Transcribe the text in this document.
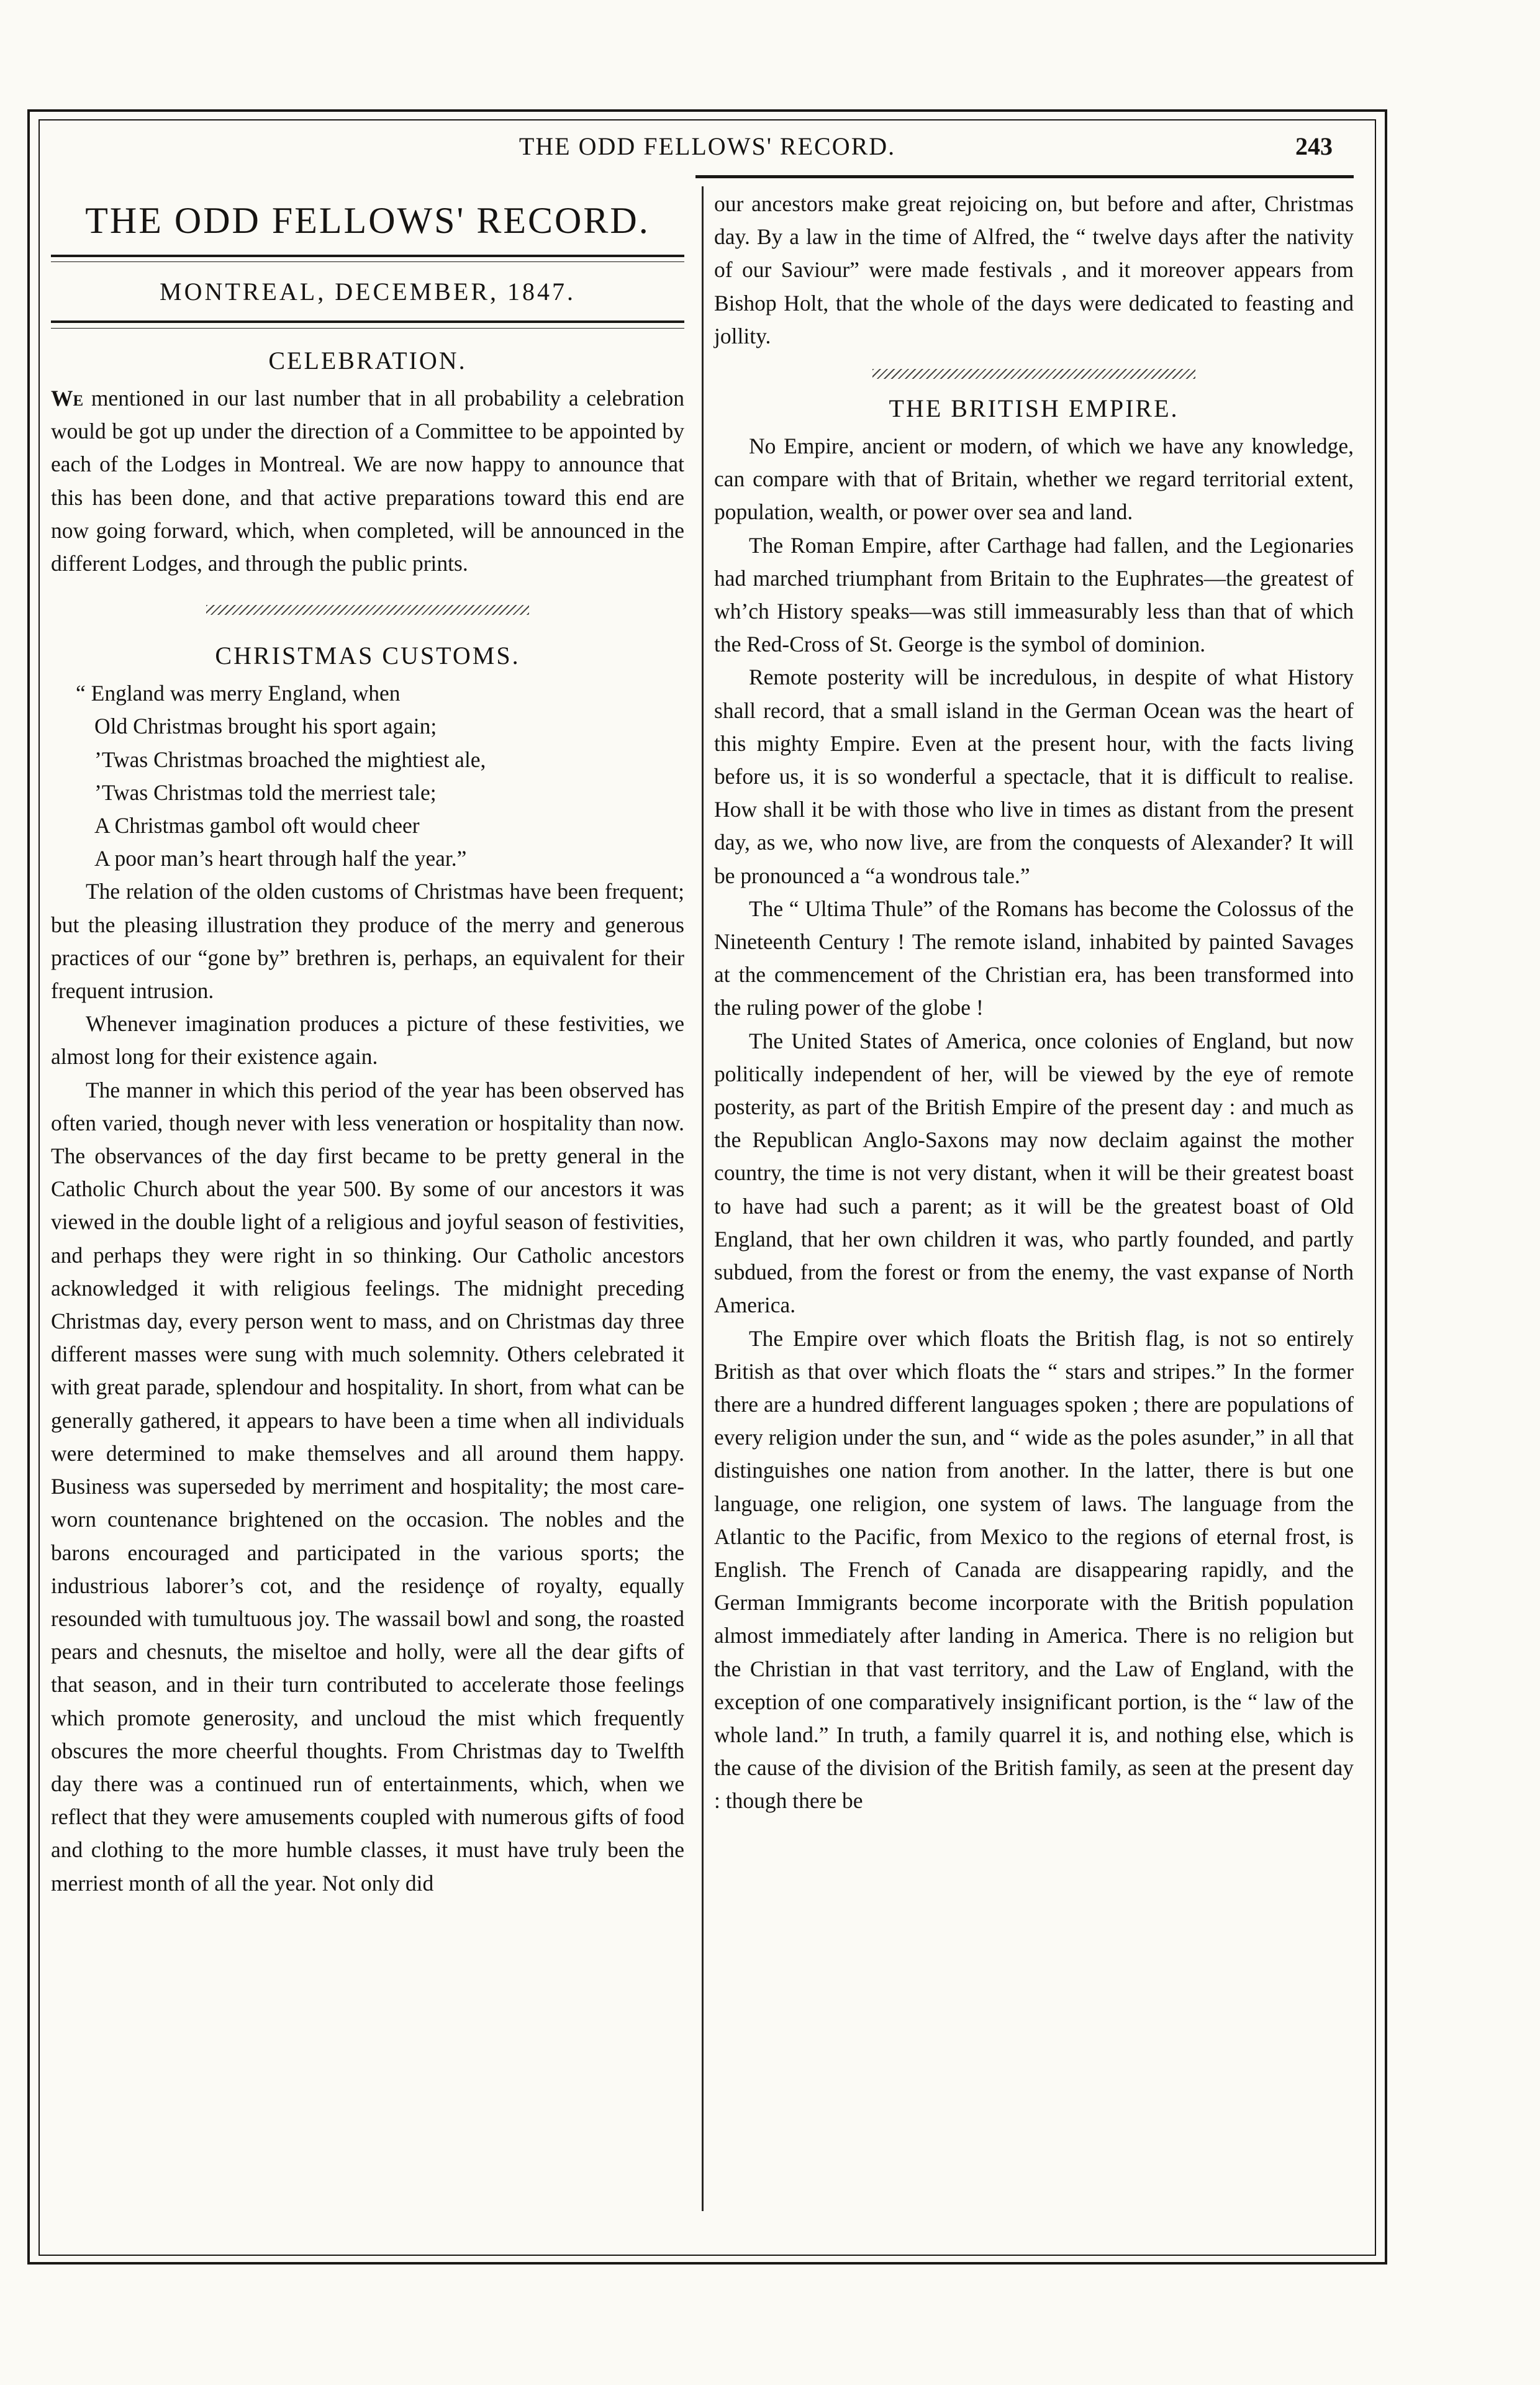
THE ODD FELLOWS' RECORD.	243
THE ODD FELLOWS' RECORD.
MONTREAL, DECEMBER, 1847.
CELEBRATION.

We mentioned in our last number that in all probability a celebration would be got up under the direction of a Committee to be appointed by each of the Lodges in Montreal. We are now happy to announce that this has been done, and that active preparations toward this end are now going forward, which, when completed, will be announced in the different Lodges, and through the public prints.

CHRISTMAS CUSTOMS.
“ England was merry England, when
Old Christmas brought his sport again;
’Twas Christmas broached the mightiest ale,
’Twas Christmas told the merriest tale;
A Christmas gambol oft would cheer
A poor man’s heart through half the year.”

The relation of the olden customs of Christmas have been frequent; but the pleasing illustration they produce of the merry and generous practices of our “gone by” brethren is, perhaps, an equivalent for their frequent intrusion.

Whenever imagination produces a picture of these festivities, we almost long for their existence again.

The manner in which this period of the year has been observed has often varied, though never with less veneration or hospitality than now. The observances of the day first became to be pretty general in the Catholic Church about the year 500. By some of our ancestors it was viewed in the double light of a religious and joyful season of festivities, and perhaps they were right in so thinking. Our Catholic ancestors acknowledged it with religious feelings. The midnight preceding Christmas day, every person went to mass, and on Christmas day three different masses were sung with much solemnity. Others celebrated it with great parade, splendour and hospitality. In short, from what can be generally gathered, it appears to have been a time when all individuals were determined to make themselves and all around them happy. Business was superseded by merriment and hospitality; the most care-worn countenance brightened on the occasion. The nobles and the barons encouraged and participated in the various sports; the industrious laborer’s cot, and the residençe of royalty, equally resounded with tumultuous joy. The wassail bowl and song, the roasted pears and chesnuts, the miseltoe and holly, were all the dear gifts of that season, and in their turn contributed to accelerate those feelings which promote generosity, and uncloud the mist which frequently obscures the more cheerful thoughts. From Christmas day to Twelfth day there was a continued run of entertainments, which, when we reflect that they were amusements coupled with numerous gifts of food and clothing to the more humble classes, it must have truly been the merriest month of all the year. Not only did

our ancestors make great rejoicing on, but before and after, Christmas day. By a law in the time of Alfred, the “ twelve days after the nativity of our Saviour” were made festivals , and it moreover appears from Bishop Holt, that the whole of the days were dedicated to feasting and jollity.

THE BRITISH EMPIRE.

No Empire, ancient or modern, of which we have any knowledge, can compare with that of Britain, whether we regard territorial extent, population, wealth, or power over sea and land.

The Roman Empire, after Carthage had fallen, and the Legionaries had marched triumphant from Britain to the Euphrates—the greatest of wh’ch History speaks—was still immeasurably less than that of which the Red-Cross of St. George is the symbol of dominion.

Remote posterity will be incredulous, in despite of what History shall record, that a small island in the German Ocean was the heart of this mighty Empire. Even at the present hour, with the facts living before us, it is so wonderful a spectacle, that it is difficult to realise. How shall it be with those who live in times as distant from the present day, as we, who now live, are from the conquests of Alexander? It will be pronounced a “a wondrous tale.”

The “ Ultima Thule” of the Romans has become the Colossus of the Nineteenth Century ! The remote island, inhabited by painted Savages at the commencement of the Christian era, has been transformed into the ruling power of the globe !

The United States of America, once colonies of England, but now politically independent of her, will be viewed by the eye of remote posterity, as part of the British Empire of the present day : and much as the Republican Anglo-Saxons may now declaim against the mother country, the time is not very distant, when it will be their greatest boast to have had such a parent; as it will be the greatest boast of Old England, that her own children it was, who partly founded, and partly subdued, from the forest or from the enemy, the vast expanse of North America.

The Empire over which floats the British flag, is not so entirely British as that over which floats the “ stars and stripes.” In the former there are a hundred different languages spoken ; there are populations of every religion under the sun, and “ wide as the poles asunder,” in all that distinguishes one nation from another. In the latter, there is but one language, one religion, one system of laws. The language from the Atlantic to the Pacific, from Mexico to the regions of eternal frost, is English. The French of Canada are disappearing rapidly, and the German Immigrants become incorporate with the British population almost immediately after landing in America. There is no religion but the Christian in that vast territory, and the Law of England, with the exception of one comparatively insignificant portion, is the “ law of the whole land.” In truth, a family quarrel it is, and nothing else, which is the cause of the division of the British family, as seen at the present day : though there be
